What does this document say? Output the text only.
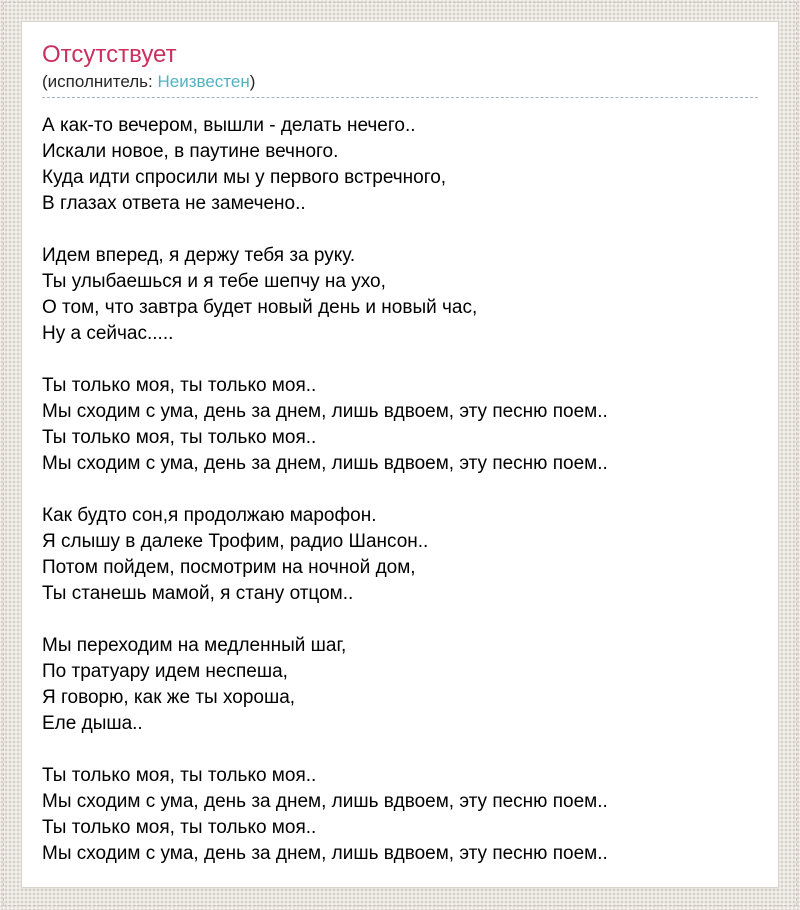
Отсутствует

(исполнитель: Неизвестен)

А как-то вечером, вышли - делать нечего..
Искали новое, в паутине вечного.
Куда идти спросили мы у первого встречного,
В глазах ответа не замечено..
Идем вперед, я держу тебя за руку.
Ты улыбаешься и я тебе шепчу на ухо,
О том, что завтра будет новый день и новый час,
Ну а сейчас.....
Ты только моя, ты только моя..
Мы сходим с ума, день за днем, лишь вдвоем, эту песню поем..
Ты только моя, ты только моя..
Мы сходим с ума, день за днем, лишь вдвоем, эту песню поем..
Как будто сон,я продолжаю марофон.
Я слышу в далеке Трофим, радио Шансон..
Потом пойдем, посмотрим на ночной дом,
Ты станешь мамой, я стану отцом..
Мы переходим на медленный шаг,
По тратуару идем неспеша,
Я говорю, как же ты хороша,
Еле дыша..
Ты только моя, ты только моя..
Мы сходим с ума, день за днем, лишь вдвоем, эту песню поем..
Ты только моя, ты только моя..
Мы сходим с ума, день за днем, лишь вдвоем, эту песню поем..
